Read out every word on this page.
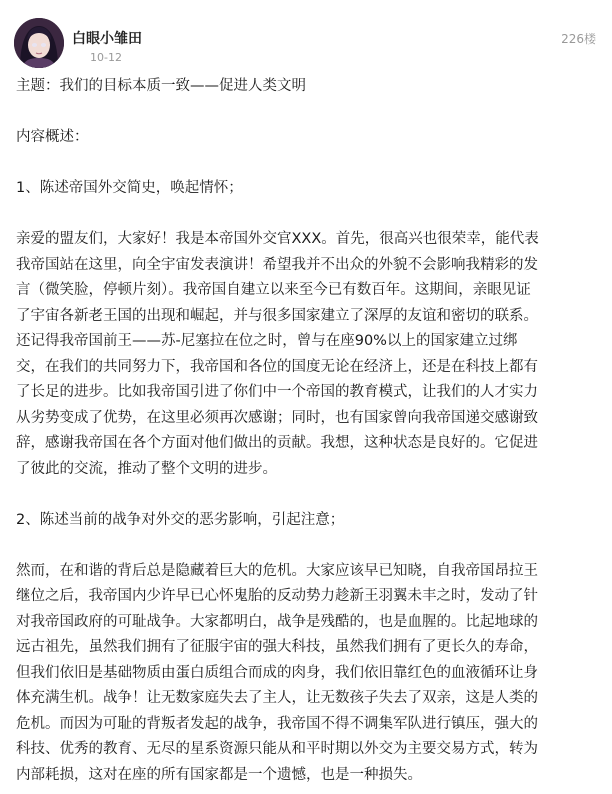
白眼小雏田
10-12
226楼
主题：我们的目标本质一致——促进人类文明
内容概述：
1、陈述帝国外交简史，唤起情怀；
亲爱的盟友们，大家好！我是本帝国外交官XXX。首先，很高兴也很荣幸，能代表
我帝国站在这里，向全宇宙发表演讲！希望我并不出众的外貌不会影响我精彩的发
言（微笑脸，停顿片刻）。我帝国自建立以来至今已有数百年。这期间，亲眼见证
了宇宙各新老王国的出现和崛起，并与很多国家建立了深厚的友谊和密切的联系。
还记得我帝国前王——苏-尼塞拉在位之时，曾与在座90%以上的国家建立过绑
交，在我们的共同努力下，我帝国和各位的国度无论在经济上，还是在科技上都有
了长足的进步。比如我帝国引进了你们中一个帝国的教育模式，让我们的人才实力
从劣势变成了优势，在这里必须再次感谢；同时，也有国家曾向我帝国递交感谢致
辞，感谢我帝国在各个方面对他们做出的贡献。我想，这种状态是良好的。它促进
了彼此的交流，推动了整个文明的进步。
2、陈述当前的战争对外交的恶劣影响，引起注意；
然而，在和谐的背后总是隐藏着巨大的危机。大家应该早已知晓，自我帝国昂拉王
继位之后，我帝国内少许早已心怀鬼胎的反动势力趁新王羽翼未丰之时，发动了针
对我帝国政府的可耻战争。大家都明白，战争是残酷的，也是血腥的。比起地球的
远古祖先，虽然我们拥有了征服宇宙的强大科技，虽然我们拥有了更长久的寿命，
但我们依旧是基础物质由蛋白质组合而成的肉身，我们依旧靠红色的血液循环让身
体充满生机。战争！让无数家庭失去了主人，让无数孩子失去了双亲，这是人类的
危机。而因为可耻的背叛者发起的战争，我帝国不得不调集军队进行镇压，强大的
科技、优秀的教育、无尽的星系资源只能从和平时期以外交为主要交易方式，转为
内部耗损，这对在座的所有国家都是一个遗憾，也是一种损失。
